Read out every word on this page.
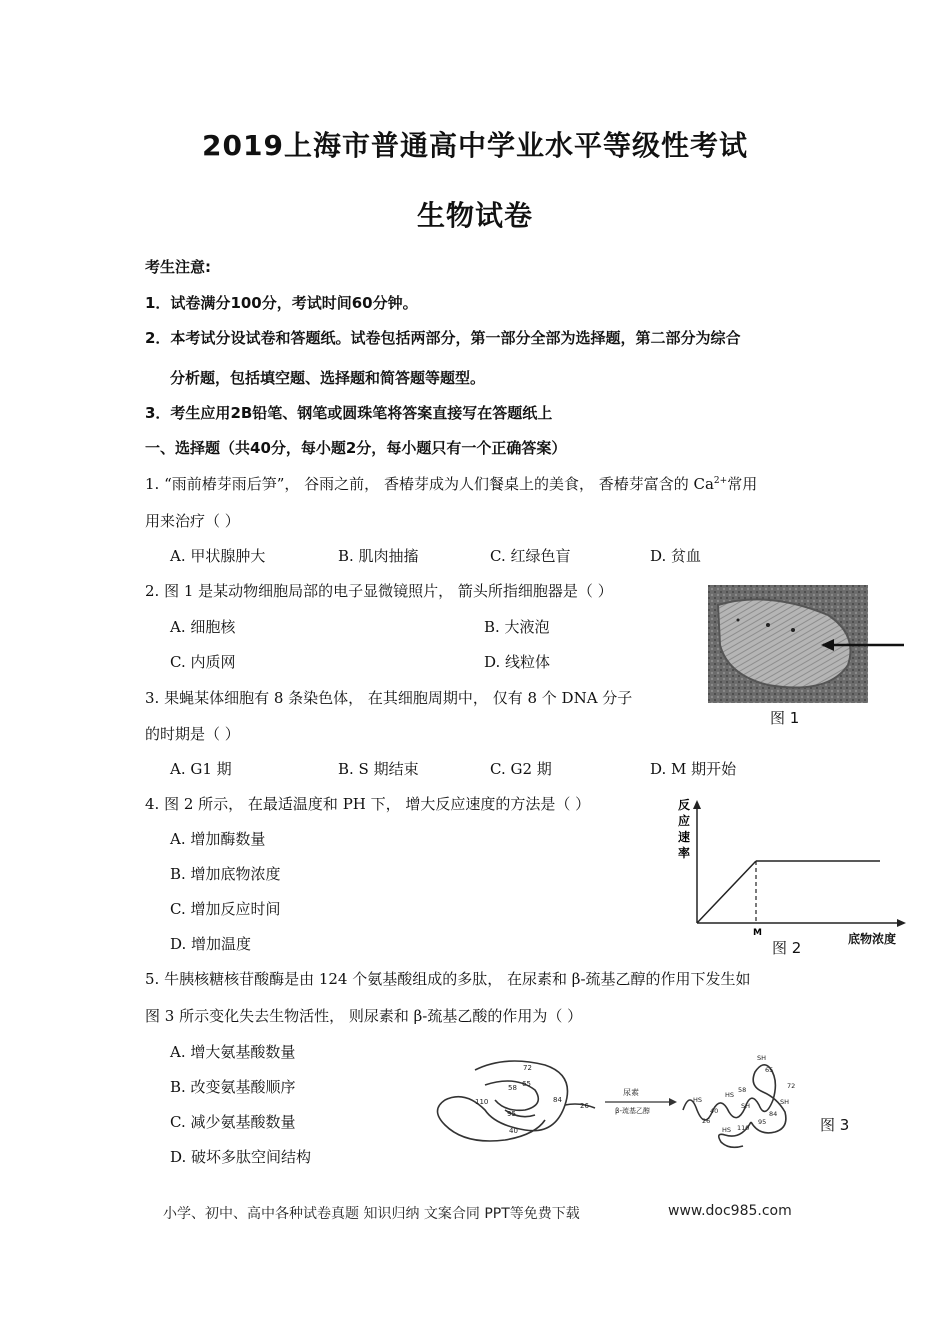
2019上海市普通高中学业水平等级性考试
生物试卷
考生注意:
1．试卷满分100分，考试时间60分钟。
2．本考试分设试卷和答题纸。试卷包括两部分，第一部分全部为选择题，第二部分为综合
分析题，包括填空题、选择题和简答题等题型。
3．考生应用2B铅笔、钢笔或圆珠笔将答案直接写在答题纸上
一、选择题（共40分，每小题2分，每小题只有一个正确答案）
1. “雨前椿芽雨后笋”， 谷雨之前， 香椿芽成为人们餐桌上的美食， 香椿芽富含的 $Ca^{2+}$常用
用来治疗（ ）
A. 甲状腺肿大	B. 肌肉抽搐	C. 红绿色盲	D. 贫血
2. 图 1 是某动物细胞局部的电子显微镜照片， 箭头所指细胞器是（ ）
A. 细胞核	B. 大液泡
C. 内质网	D. 线粒体
图 1
3. 果蝇某体细胞有 8 条染色体， 在其细胞周期中， 仅有 8 个 DNA 分子
的时期是（ ）
A. G1 期	B. S 期结束	C. G2 期	D. M 期开始
4. 图 2 所示， 在最适温度和 PH 下， 增大反应速度的方法是（ ）
A. 增加酶数量
B. 增加底物浓度
C. 增加反应时间
D. 增加温度
反
应
速
率
M
图 2	底物浓度
5. 牛胰核糖核苷酸酶是由 124 个氨基酸组成的多肽， 在尿素和 β-巯基乙醇的作用下发生如
图 3 所示变化失去生物活性， 则尿素和 β-巯基乙酸的作用为（ ）
A. 增大氨基酸数量
B. 改变氨基酸顺序
C. 减少氨基酸数量
D. 破坏多肽空间结构
72
65
58
110
95
84
40
26
尿素
β-巯基乙醇
SH
65
72
HS
58
HS
40
26
SH	SH
84
95
HS 110	图 3
小学、初中、高中各种试卷真题 知识归纳 文案合同 PPT等免费下载	www.doc985.com
